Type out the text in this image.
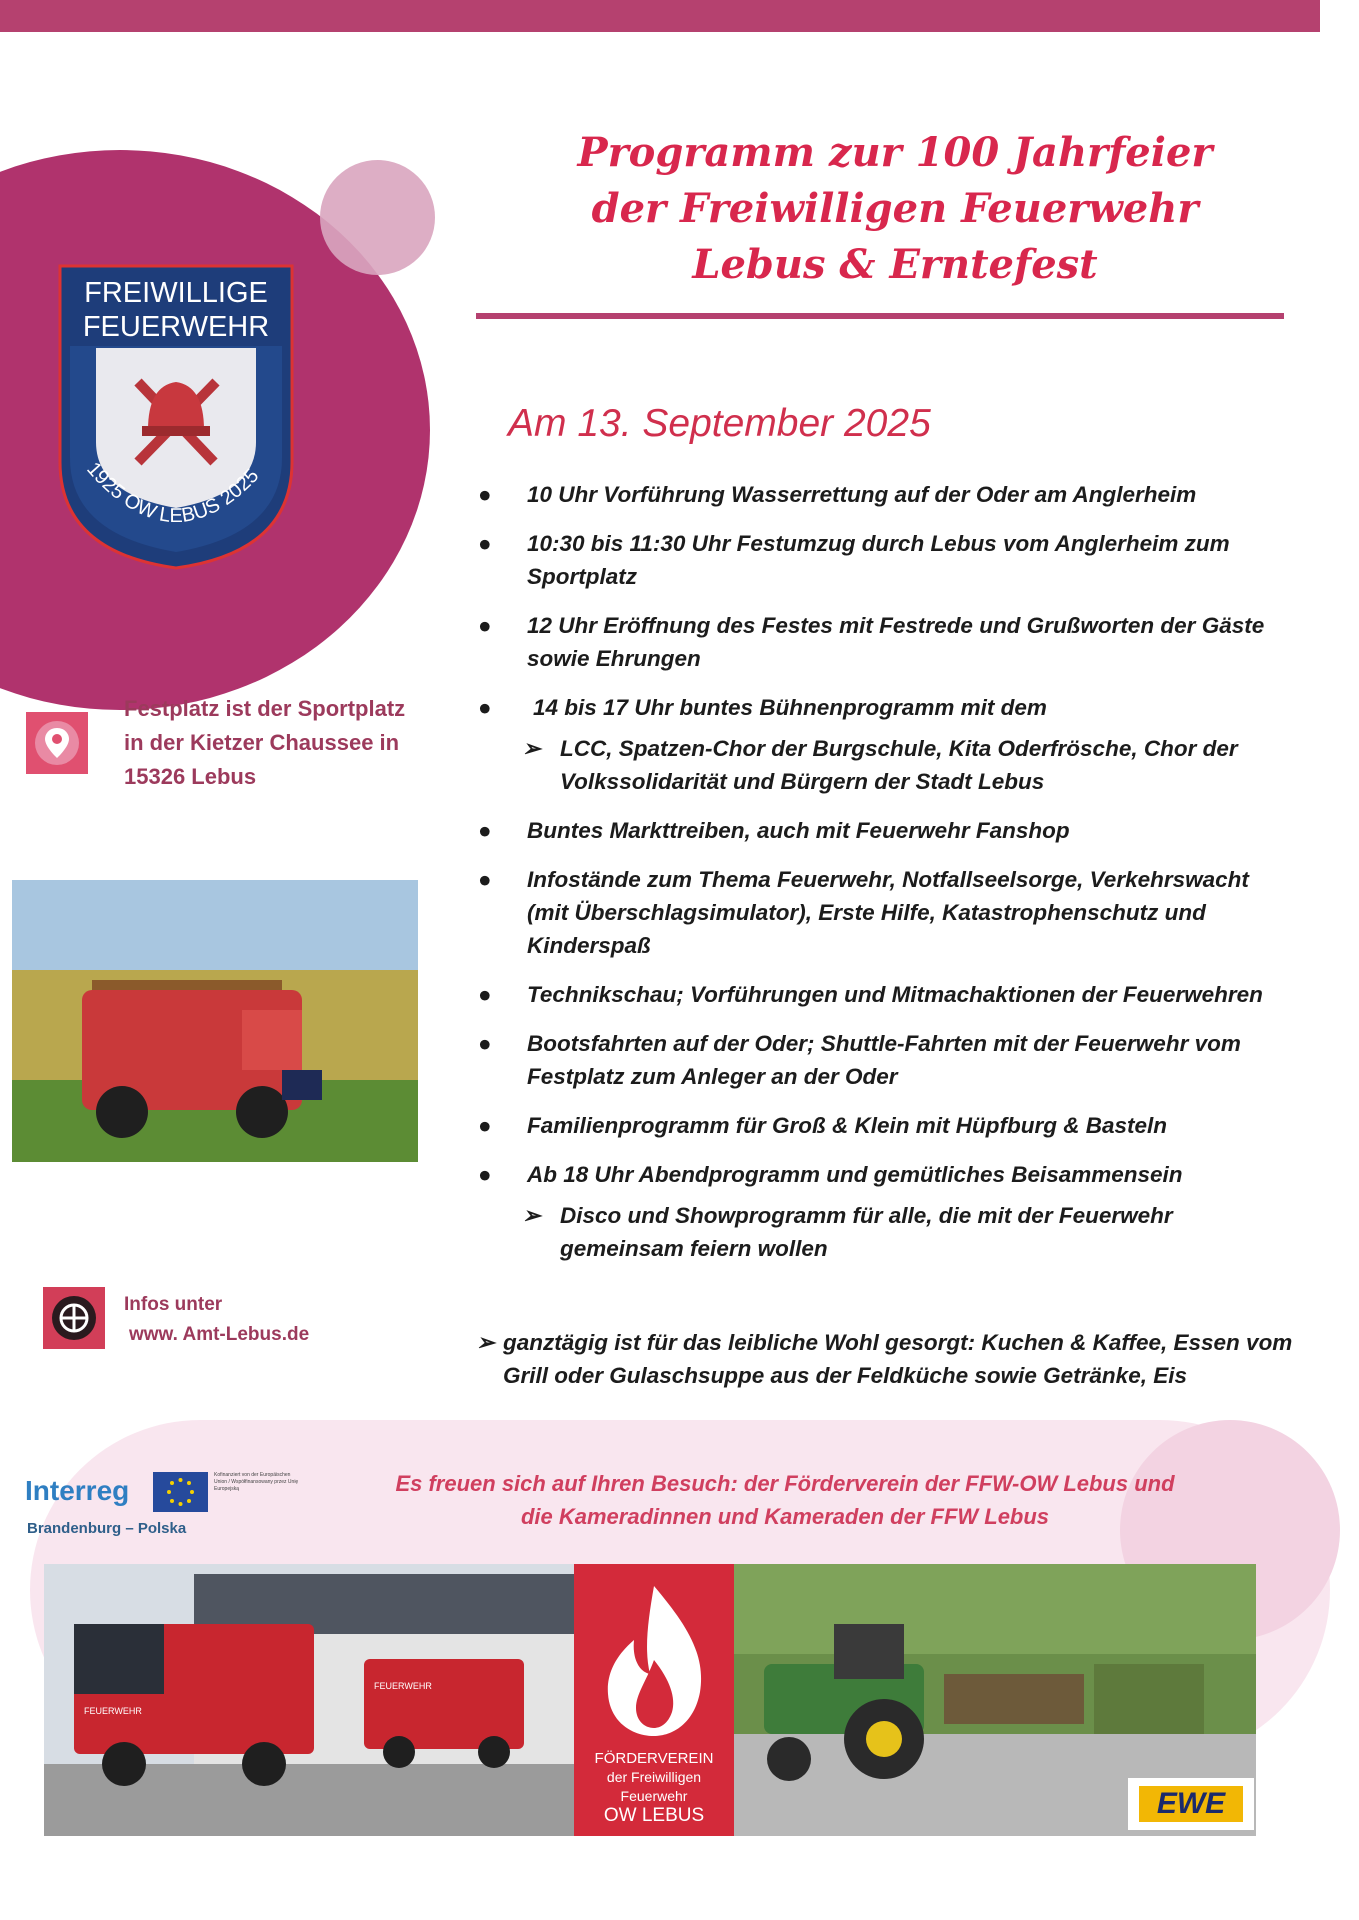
Programm zur 100 Jahrfeier
der Freiwilligen Feuerwehr
Lebus & Erntefest
FREIWILLIGE
FEUERWEHR
1925 OW LEBUS 2025
Festplatz ist der Sportplatz
in der Kietzer Chaussee in
15326 Lebus
Infos unter
www. Amt-Lebus.de
Am 13. September 2025
● 10 Uhr Vorführung Wasserrettung auf der Oder am Anglerheim
● 10:30 bis 11:30 Uhr Festumzug durch Lebus vom Anglerheim zum Sportplatz
● 12 Uhr Eröffnung des Festes mit Festrede und Grußworten der Gäste sowie Ehrungen
● 14 bis 17 Uhr buntes Bühnenprogramm mit dem
➢ LCC, Spatzen-Chor der Burgschule, Kita Oderfrösche, Chor der Volkssolidarität und Bürgern der Stadt Lebus
● Buntes Markttreiben, auch mit Feuerwehr Fanshop
● Infostände zum Thema Feuerwehr, Notfallseelsorge, Verkehrswacht (mit Überschlagsimulator), Erste Hilfe, Katastrophenschutz und Kinderspaß
● Technikschau; Vorführungen und Mitmachaktionen der Feuerwehren
● Bootsfahrten auf der Oder; Shuttle-Fahrten mit der Feuerwehr vom Festplatz zum Anleger an der Oder
● Familienprogramm für Groß & Klein mit Hüpfburg & Basteln
● Ab 18 Uhr Abendprogramm und gemütliches Beisammensein
➢ Disco und Showprogramm für alle, die mit der Feuerwehr gemeinsam feiern wollen
➢ ganztägig ist für das leibliche Wohl gesorgt: Kuchen & Kaffee, Essen vom Grill oder Gulaschsuppe aus der Feldküche sowie Getränke, Eis
Interreg	Kofinanziert von der Europäischen Union / Współfinansowany przez Unię Europejską
Brandenburg – Polska
Es freuen sich auf Ihren Besuch: der Förderverein der FFW-OW Lebus und
die Kameradinnen und Kameraden der FFW Lebus
FEUERWEHR
FEUERWEHR
FÖRDERVEREIN
der Freiwilligen
Feuerwehr
OW LEBUS	EWE
